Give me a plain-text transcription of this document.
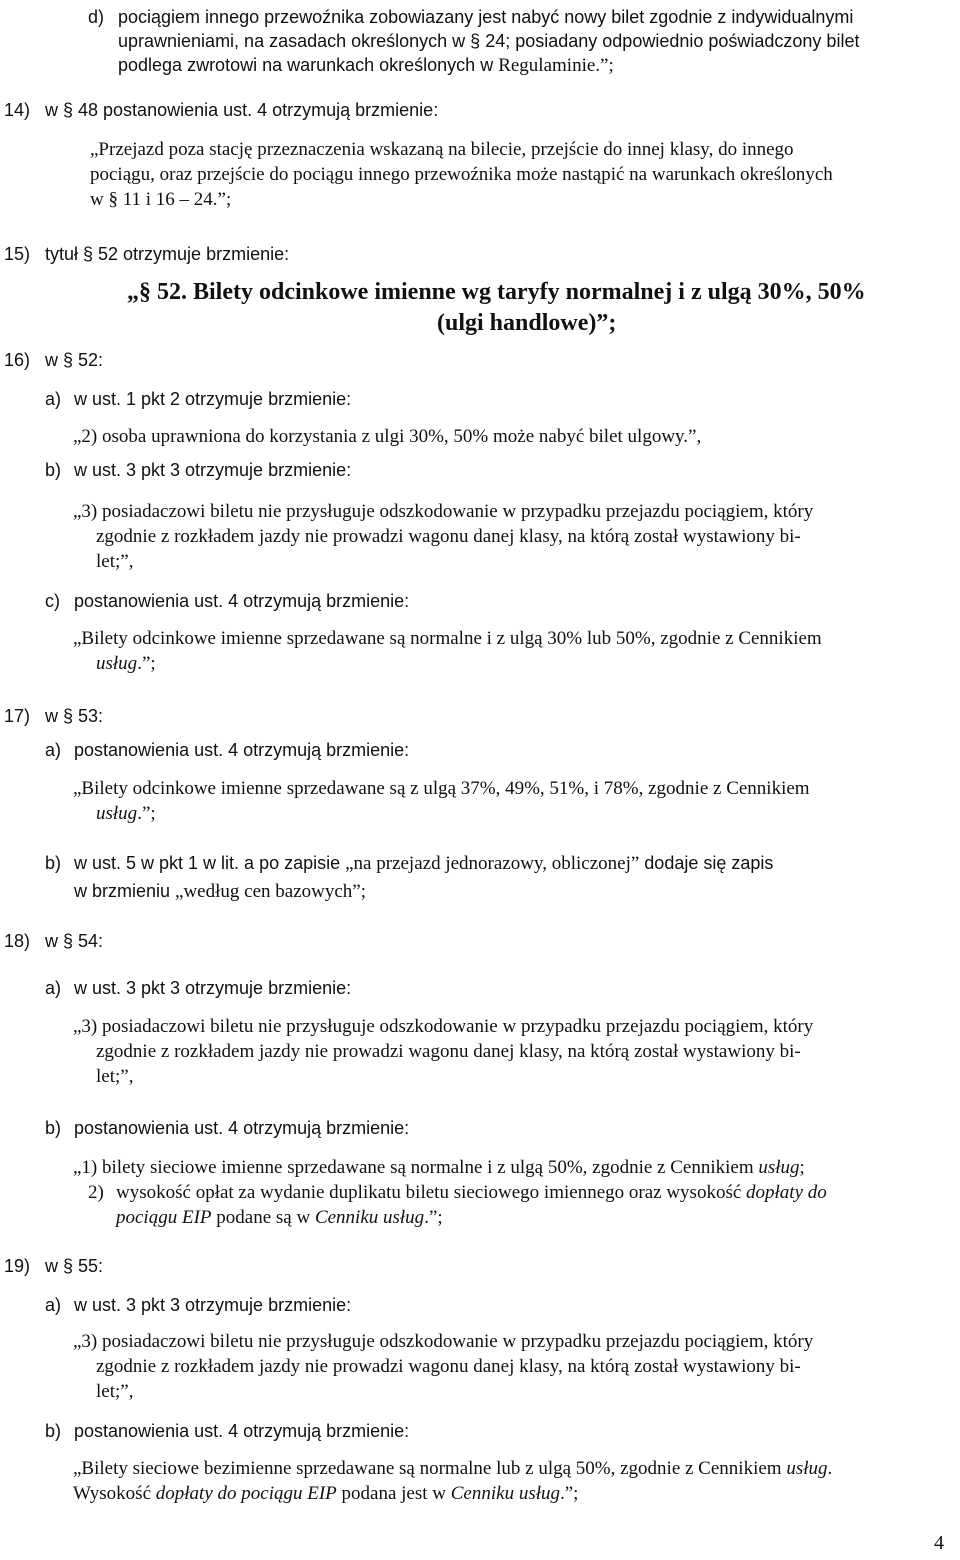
d) pociągiem innego przewoźnika zobowiazany jest nabyć nowy bilet zgodnie z indywidualnymi
uprawnieniami, na zasadach określonych w § 24; posiadany odpowiednio poświadczony bilet
podlega zwrotowi na warunkach określonych w Regulaminie.”;
14) w § 48 postanowienia ust. 4 otrzymują brzmienie:
„Przejazd poza stację przeznaczenia wskazaną na bilecie, przejście do innej klasy, do innego
pociągu, oraz przejście do pociągu innego przewoźnika może nastąpić na warunkach określonych
w § 11 i 16 – 24.”;
15) tytuł § 52 otrzymuje brzmienie:
„§ 52. Bilety odcinkowe imienne wg taryfy normalnej i z ulgą 30%, 50%
(ulgi handlowe)”;
16) w § 52:
a) w ust. 1 pkt 2 otrzymuje brzmienie:
„2) osoba uprawniona do korzystania z ulgi 30%, 50% może nabyć bilet ulgowy.”,
b) w ust. 3 pkt 3 otrzymuje brzmienie:
„3) posiadaczowi biletu nie przysługuje odszkodowanie w przypadku przejazdu pociągiem, który
zgodnie z rozkładem jazdy nie prowadzi wagonu danej klasy, na którą został wystawiony bi-
let;”,
c) postanowienia ust. 4 otrzymują brzmienie:
„Bilety odcinkowe imienne sprzedawane są normalne i z ulgą 30% lub 50%, zgodnie z Cennikiem
usług.”;
17) w § 53:
a) postanowienia ust. 4 otrzymują brzmienie:
„Bilety odcinkowe imienne sprzedawane są z ulgą 37%, 49%, 51%, i 78%, zgodnie z Cennikiem
usług.”;
b) w ust. 5 w pkt 1 w lit. a po zapisie „na przejazd jednorazowy, obliczonej” dodaje się zapis
w brzmieniu „według cen bazowych”;
18) w § 54:
a) w ust. 3 pkt 3 otrzymuje brzmienie:
„3) posiadaczowi biletu nie przysługuje odszkodowanie w przypadku przejazdu pociągiem, który
zgodnie z rozkładem jazdy nie prowadzi wagonu danej klasy, na którą został wystawiony bi-
let;”,
b) postanowienia ust. 4 otrzymują brzmienie:
„1) bilety sieciowe imienne sprzedawane są normalne i z ulgą 50%, zgodnie z Cennikiem usług;
2) wysokość opłat za wydanie duplikatu biletu sieciowego imiennego oraz wysokość dopłaty do
pociągu EIP podane są w Cenniku usług.”;
19) w § 55:
a) w ust. 3 pkt 3 otrzymuje brzmienie:
„3) posiadaczowi biletu nie przysługuje odszkodowanie w przypadku przejazdu pociągiem, który
zgodnie z rozkładem jazdy nie prowadzi wagonu danej klasy, na którą został wystawiony bi-
let;”,
b) postanowienia ust. 4 otrzymują brzmienie:
„Bilety sieciowe bezimienne sprzedawane są normalne lub z ulgą 50%, zgodnie z Cennikiem usług.
Wysokość dopłaty do pociągu EIP podana jest w Cenniku usług.”;
4
